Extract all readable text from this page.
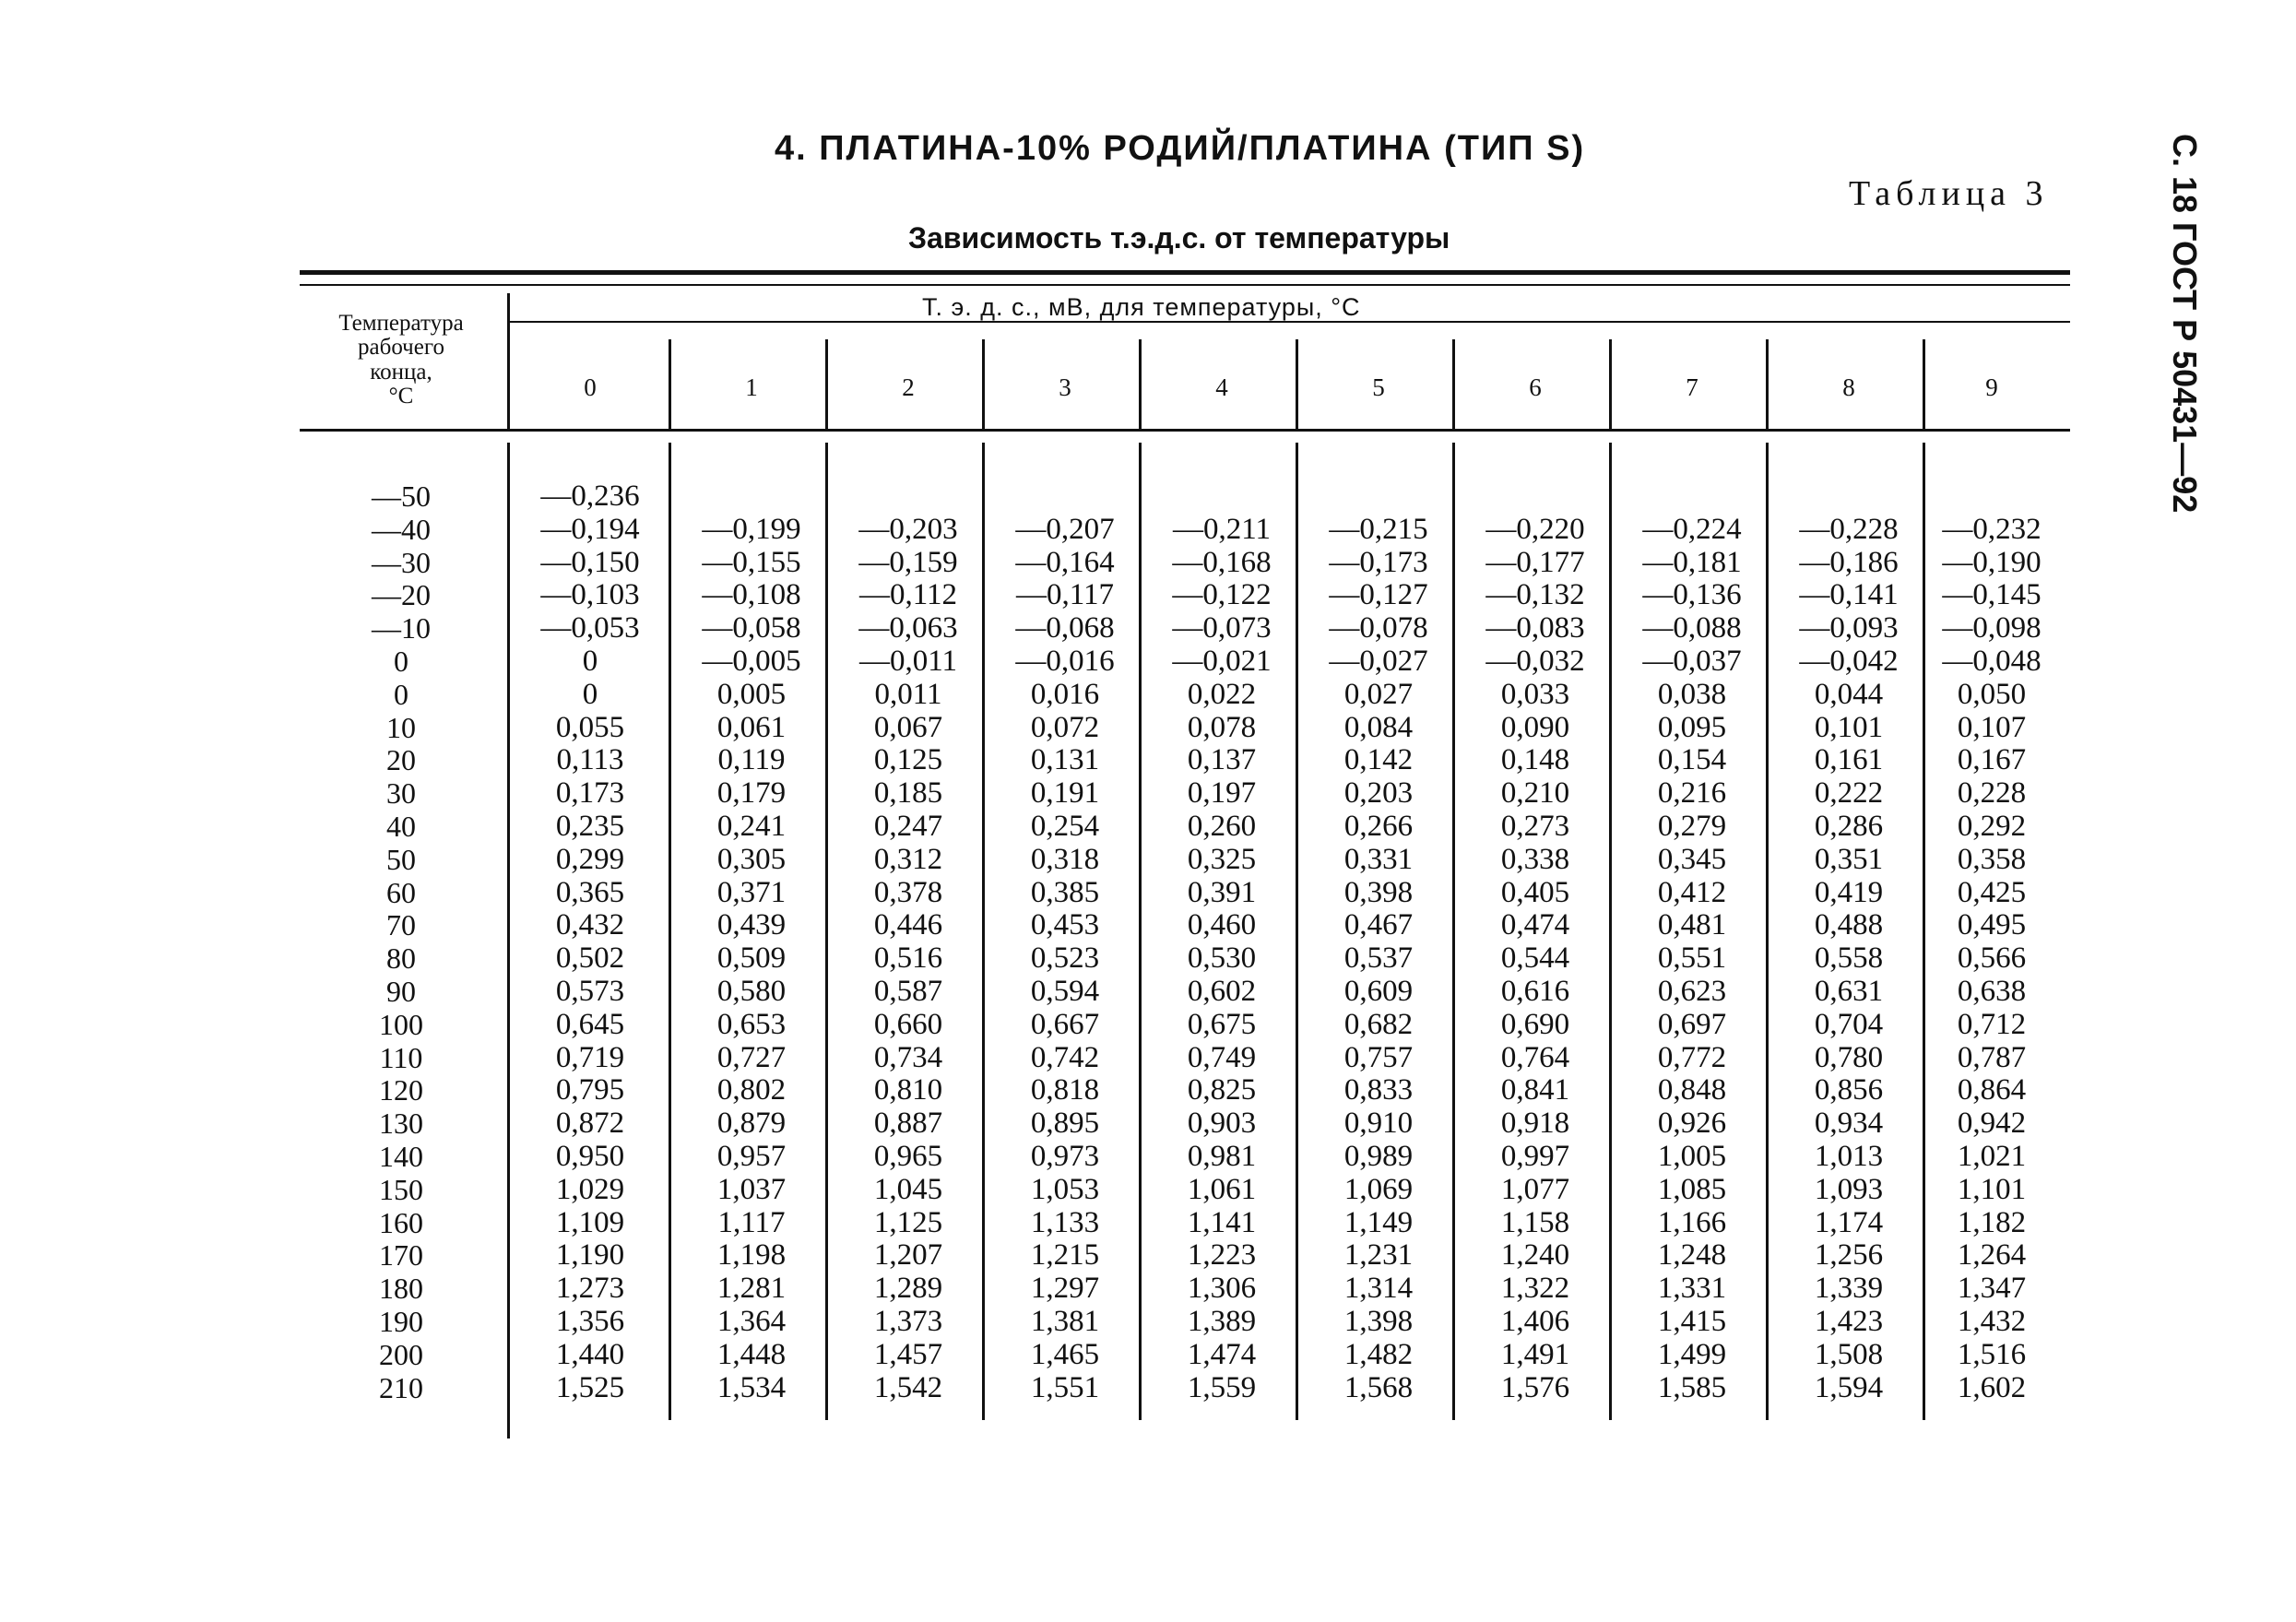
4. ПЛАТИНА-10% РОДИЙ/ПЛАТИНА (ТИП S)
Таблица 3
Зависимость т.э.д.с. от температуры	С. 18 ГОСТ Р 50431—92
Температура
рабочего
конца,
°C
Т. э. д. с., мВ, для температуры, °С
0	1	2	3	4	5	6	7	8	9
—50	—0,236
—40	—0,194	—0,199	—0,203	—0,207	—0,211	—0,215	—0,220	—0,224	—0,228	—0,232
—30	—0,150	—0,155	—0,159	—0,164	—0,168	—0,173	—0,177	—0,181	—0,186	—0,190
—20	—0,103	—0,108	—0,112	—0,117	—0,122	—0,127	—0,132	—0,136	—0,141	—0,145
—10	—0,053	—0,058	—0,063	—0,068	—0,073	—0,078	—0,083	—0,088	—0,093	—0,098
0	0	—0,005	—0,011	—0,016	—0,021	—0,027	—0,032	—0,037	—0,042	—0,048
0	0	0,005	0,011	0,016	0,022	0,027	0,033	0,038	0,044	0,050
10	0,055	0,061	0,067	0,072	0,078	0,084	0,090	0,095	0,101	0,107
20	0,113	0,119	0,125	0,131	0,137	0,142	0,148	0,154	0,161	0,167
30	0,173	0,179	0,185	0,191	0,197	0,203	0,210	0,216	0,222	0,228
40	0,235	0,241	0,247	0,254	0,260	0,266	0,273	0,279	0,286	0,292
50	0,299	0,305	0,312	0,318	0,325	0,331	0,338	0,345	0,351	0,358
60	0,365	0,371	0,378	0,385	0,391	0,398	0,405	0,412	0,419	0,425
70	0,432	0,439	0,446	0,453	0,460	0,467	0,474	0,481	0,488	0,495
80	0,502	0,509	0,516	0,523	0,530	0,537	0,544	0,551	0,558	0,566
90	0,573	0,580	0,587	0,594	0,602	0,609	0,616	0,623	0,631	0,638
100	0,645	0,653	0,660	0,667	0,675	0,682	0,690	0,697	0,704	0,712
110	0,719	0,727	0,734	0,742	0,749	0,757	0,764	0,772	0,780	0,787
120	0,795	0,802	0,810	0,818	0,825	0,833	0,841	0,848	0,856	0,864
130	0,872	0,879	0,887	0,895	0,903	0,910	0,918	0,926	0,934	0,942
140	0,950	0,957	0,965	0,973	0,981	0,989	0,997	1,005	1,013	1,021
150	1,029	1,037	1,045	1,053	1,061	1,069	1,077	1,085	1,093	1,101
160	1,109	1,117	1,125	1,133	1,141	1,149	1,158	1,166	1,174	1,182
170	1,190	1,198	1,207	1,215	1,223	1,231	1,240	1,248	1,256	1,264
180	1,273	1,281	1,289	1,297	1,306	1,314	1,322	1,331	1,339	1,347
190	1,356	1,364	1,373	1,381	1,389	1,398	1,406	1,415	1,423	1,432
200	1,440	1,448	1,457	1,465	1,474	1,482	1,491	1,499	1,508	1,516
210	1,525	1,534	1,542	1,551	1,559	1,568	1,576	1,585	1,594	1,602
